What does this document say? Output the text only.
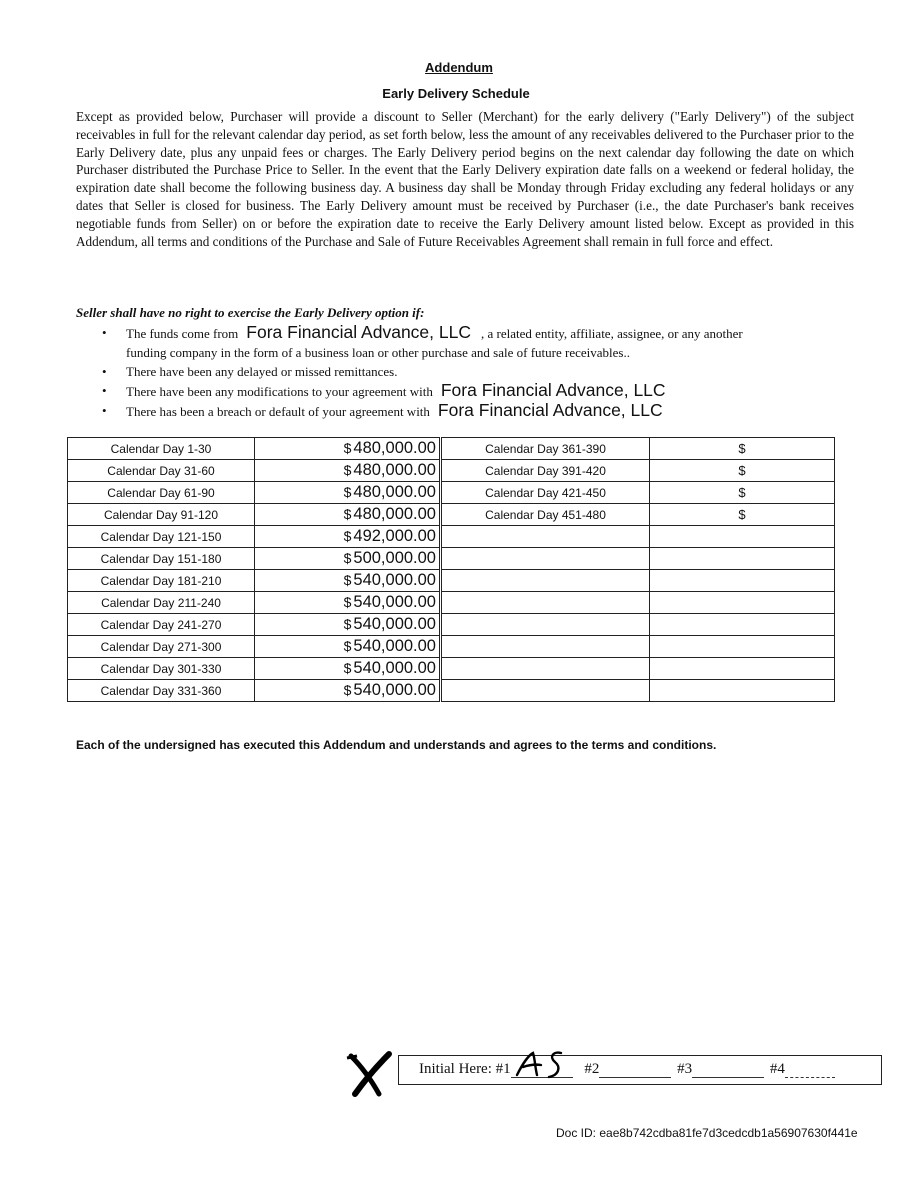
Addendum
Early Delivery Schedule

Except as provided below, Purchaser will provide a discount to Seller (Merchant) for the early delivery ("Early Delivery") of the subject receivables in full for the relevant calendar day period, as set forth below, less the amount of any receivables delivered to the Purchaser prior to the Early Delivery date, plus any unpaid fees or charges. The Early Delivery period begins on the next calendar day following the date on which Purchaser distributed the Purchase Price to Seller. In the event that the Early Delivery expiration date falls on a weekend or federal holiday, the expiration date shall become the following business day. A business day shall be Monday through Friday excluding any federal holidays or any dates that Seller is closed for business. The Early Delivery amount must be received by Purchaser (i.e., the date Purchaser's bank receives negotiable funds from Seller) on or before the expiration date to receive the Early Delivery amount listed below. Except as provided in this Addendum, all terms and conditions of the Purchase and Sale of Future Receivables Agreement shall remain in full force and effect.

Seller shall have no right to exercise the Early Delivery option if:
• The funds come from Fora Financial Advance, LLC , a related entity, affiliate, assignee, or any another
funding company in the form of a business loan or other purchase and sale of future receivables..
• There have been any delayed or missed remittances.
• There have been any modifications to your agreement with Fora Financial Advance, LLC
• There has been a breach or default of your agreement with Fora Financial Advance, LLC
Calendar Day 1-30	$ 480,000.00
Calendar Day 31-60	$ 480,000.00
Calendar Day 61-90	$ 480,000.00
Calendar Day 91-120	$ 480,000.00
Calendar Day 121-150	$ 492,000.00
Calendar Day 151-180	$ 500,000.00
Calendar Day 181-210	$ 540,000.00
Calendar Day 211-240	$ 540,000.00
Calendar Day 241-270	$ 540,000.00
Calendar Day 271-300	$ 540,000.00
Calendar Day 301-330	$ 540,000.00
Calendar Day 331-360	$ 540,000.00
Calendar Day 361-390	$
Calendar Day 391-420	$
Calendar Day 421-450	$
Calendar Day 451-480	$

Each of the undersigned has executed this Addendum and understands and agrees to the terms and conditions.
Initial Here: #1	#2	#3	#4
Doc ID: eae8b742cdba81fe7d3cedcdb1a56907630f441e
